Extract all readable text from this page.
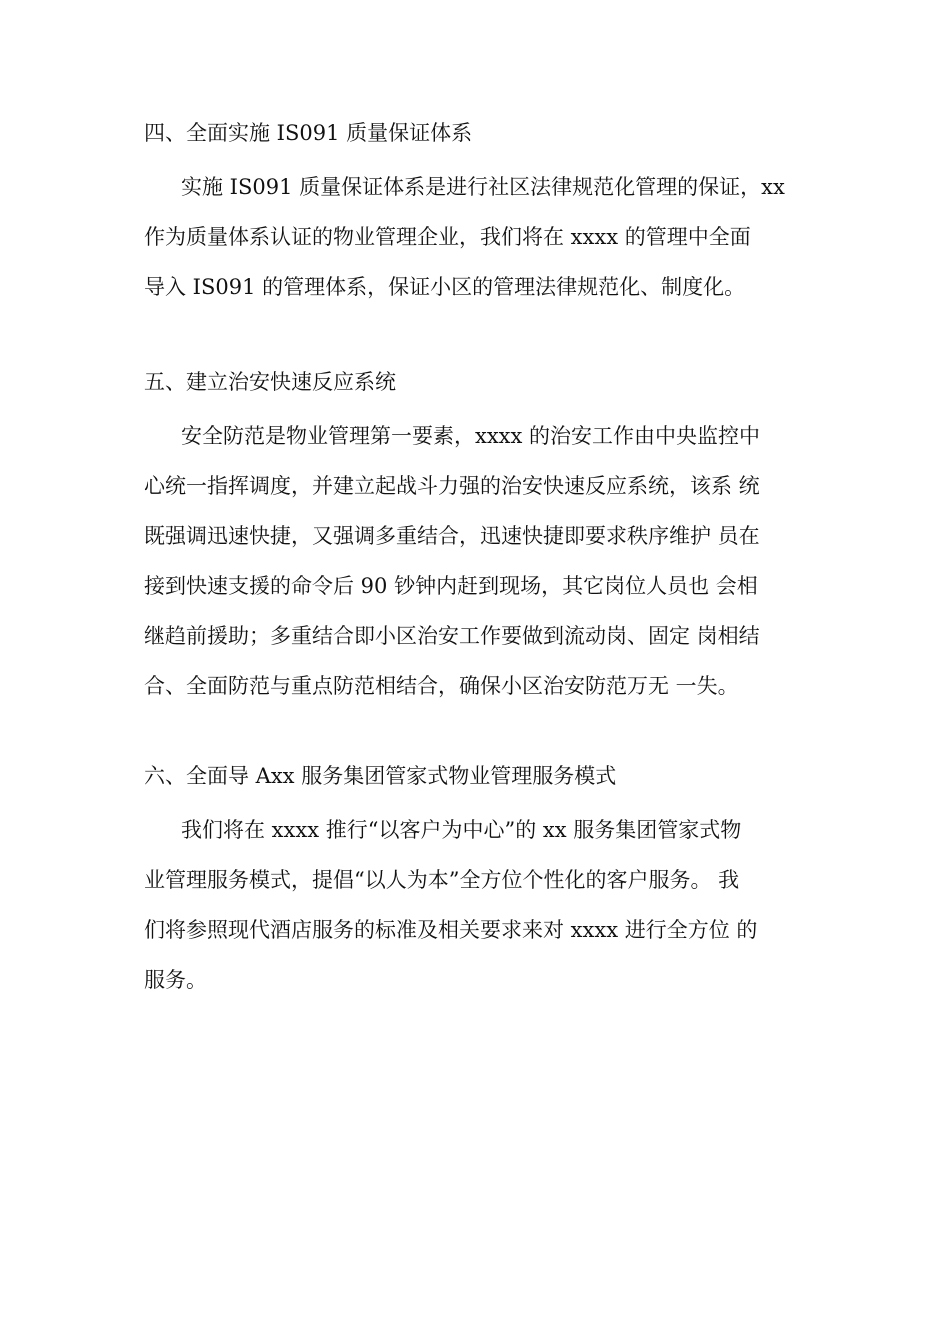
四、全面实施 IS091 质量保证体系
实施 IS091 质量保证体系是进行社区法律规范化管理的保证，xx
作为质量体系认证的物业管理企业，我们将在 xxxx 的管理中全面
导入 IS091 的管理体系，保证小区的管理法律规范化、制度化。
五、建立治安快速反应系统
安全防范是物业管理第一要素，xxxx 的治安工作由中央监控中
心统一指挥调度，并建立起战斗力强的治安快速反应系统，该系 统
既强调迅速快捷，又强调多重结合，迅速快捷即要求秩序维护 员在
接到快速支援的命令后 90 钞钟内赶到现场，其它岗位人员也 会相
继趋前援助；多重结合即小区治安工作要做到流动岗、固定 岗相结
合、全面防范与重点防范相结合，确保小区治安防范万无 一失。
六、全面导 Axx 服务集团管家式物业管理服务模式
我们将在 xxxx 推行“以客户为中心”的 xx 服务集团管家式物
业管理服务模式，提倡“以人为本”全方位个性化的客户服务。 我
们将参照现代酒店服务的标准及相关要求来对 xxxx 进行全方位 的
服务。
